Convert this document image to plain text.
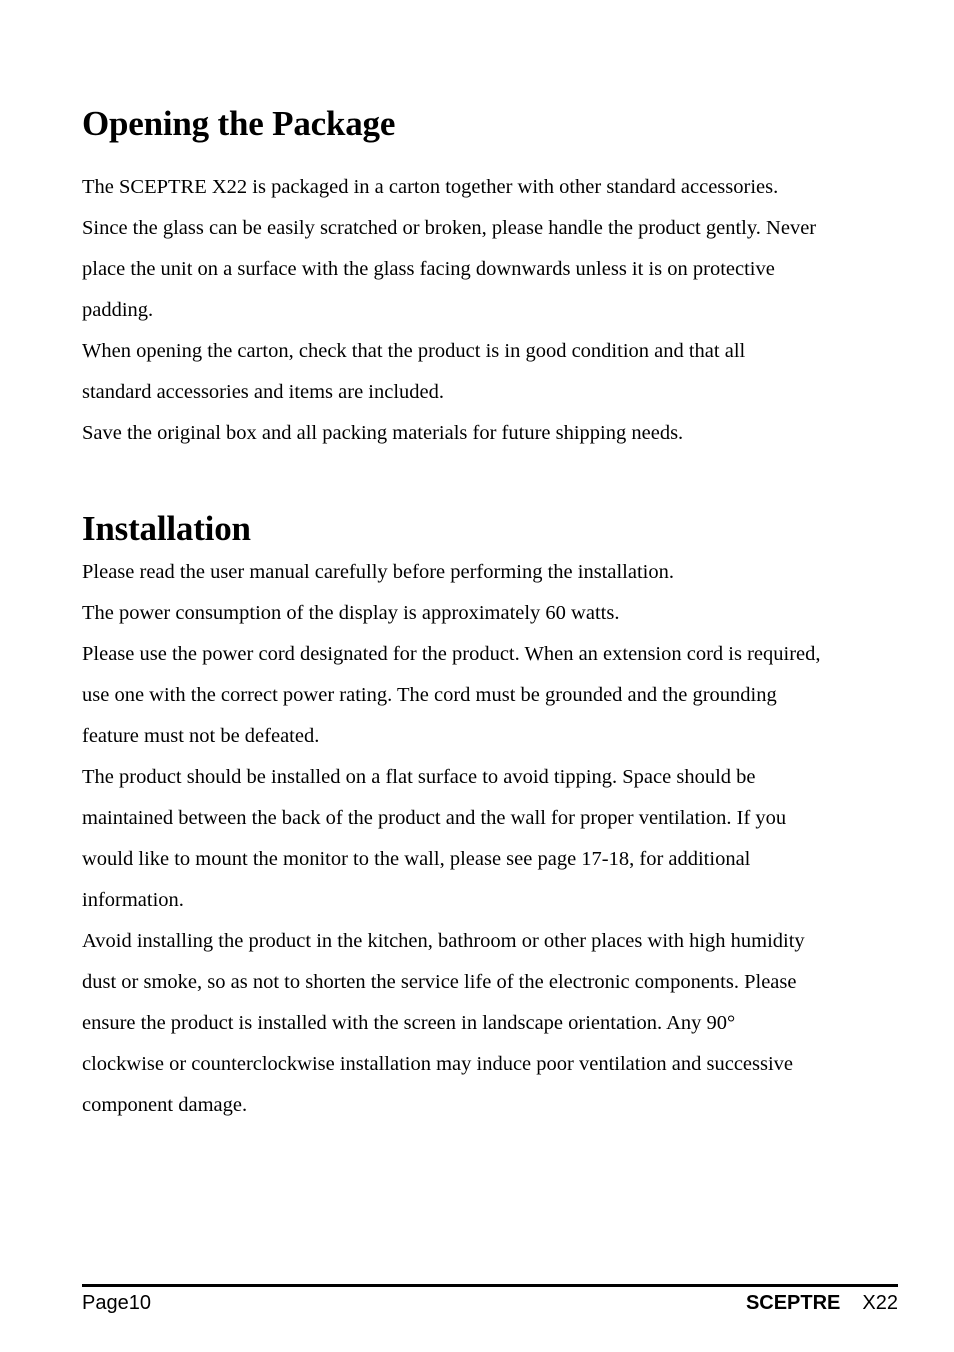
Opening the Package

The SCEPTRE X22 is packaged in a carton together with other standard accessories.

Since the glass can be easily scratched or broken, please handle the product gently. Never

place the unit on a surface with the glass facing downwards unless it is on protective

padding.

When opening the carton, check that the product is in good condition and that all

standard accessories and items are included.

Save the original box and all packing materials for future shipping needs.

Installation

Please read the user manual carefully before performing the installation.

The power consumption of the display is approximately 60 watts.

Please use the power cord designated for the product. When an extension cord is required,

use one with the correct power rating. The cord must be grounded and the grounding

feature must not be defeated.

The product should be installed on a flat surface to avoid tipping. Space should be

maintained between the back of the product and the wall for proper ventilation. If you

would like to mount the monitor to the wall, please see page 17-18, for additional

information.

Avoid installing the product in the kitchen, bathroom or other places with high humidity

dust or smoke, so as not to shorten the service life of the electronic components. Please

ensure the product is installed with the screen in landscape orientation. Any 90°

clockwise or counterclockwise installation may induce poor ventilation and successive

component damage.

Page10	SCEPTRE X22
